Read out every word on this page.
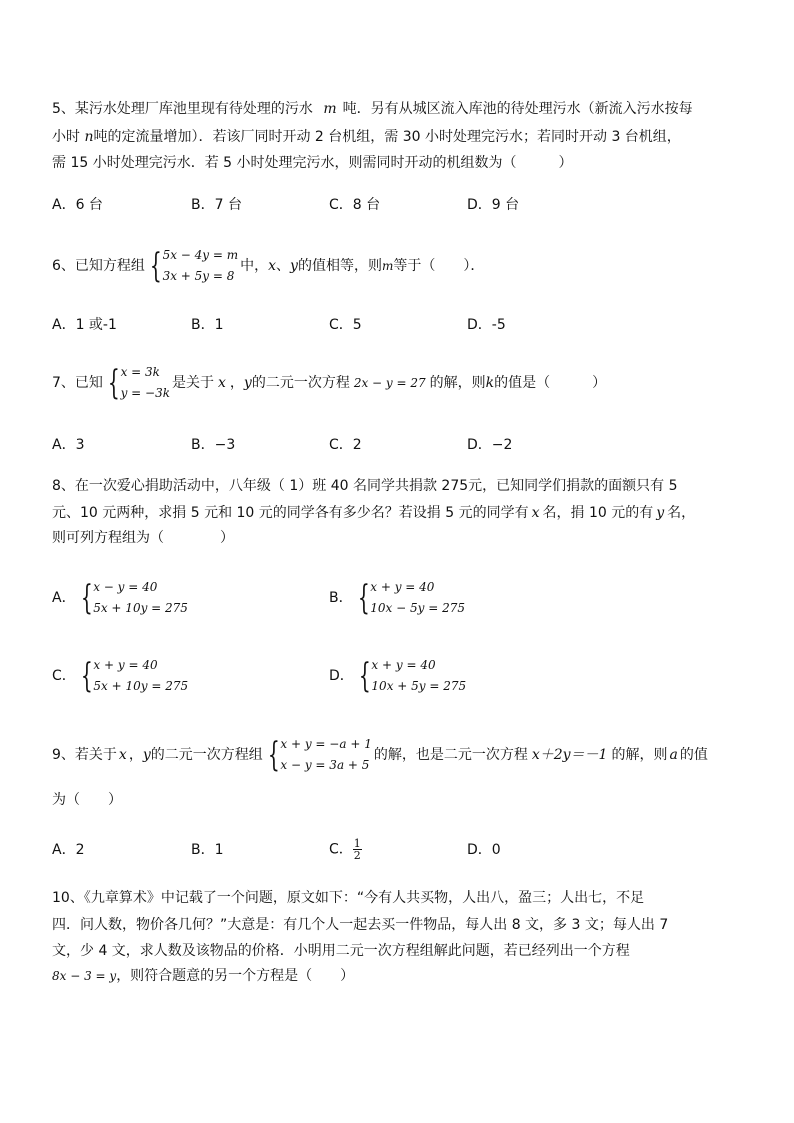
5、某污水处理厂库池里现有待处理的污水 m 吨．另有从城区流入库池的待处理污水（新流入污水按每
小时 n吨的定流量增加）．若该厂同时开动 2 台机组，需 30 小时处理完污水；若同时开动 3 台机组，
需 15 小时处理完污水．若 5 小时处理完污水，则需同时开动的机组数为（　　　）
A．6 台	B．7 台	C．8 台	D．9 台
6、已知方程组 { 5x − 4y = m
3x + 5y = 8
中，x、y的值相等，则m等于（　　）．
A．1 或-1	B．1	C．5	D．-5
7、已知 { x = 3k
y = −3k
是关于 x ，y的二元一次方程 2x − y = 27 的解，则k的值是（　　　）
A．3	B．−3	C．2	D．−2
8、在一次爱心捐助活动中，八年级（ 1）班 40 名同学共捐款 275元，已知同学们捐款的面额只有 5
元、10 元两种，求捐 5 元和 10 元的同学各有多少名？若设捐 5 元的同学有 x 名，捐 10 元的有 y 名，
则可列方程组为（　　　　）
A． { x − y = 40
5x + 10y = 275
B． { x + y = 40
10x − 5y = 275
C． { x + y = 40
5x + 10y = 275
D． { x + y = 40
10x + 5y = 275
9、若关于 x ，y的二元一次方程组 { x + y = −a + 1
x − y = 3a + 5
的解，也是二元一次方程 x＋2y＝－1 的解，则 a 的值
为（　　）
A．2	B．1	C． $\frac{1}{2}$	D．0
10、《九章算术》中记载了一个问题，原文如下：“今有人共买物，人出八，盈三；人出七，不足
四．问人数，物价各几何？”大意是：有几个人一起去买一件物品，每人出 8 文，多 3 文；每人出 7
文，少 4 文，求人数及该物品的价格．小明用二元一次方程组解此问题，若已经列出一个方程
8x − 3 = y，则符合题意的另一个方程是（　　）
